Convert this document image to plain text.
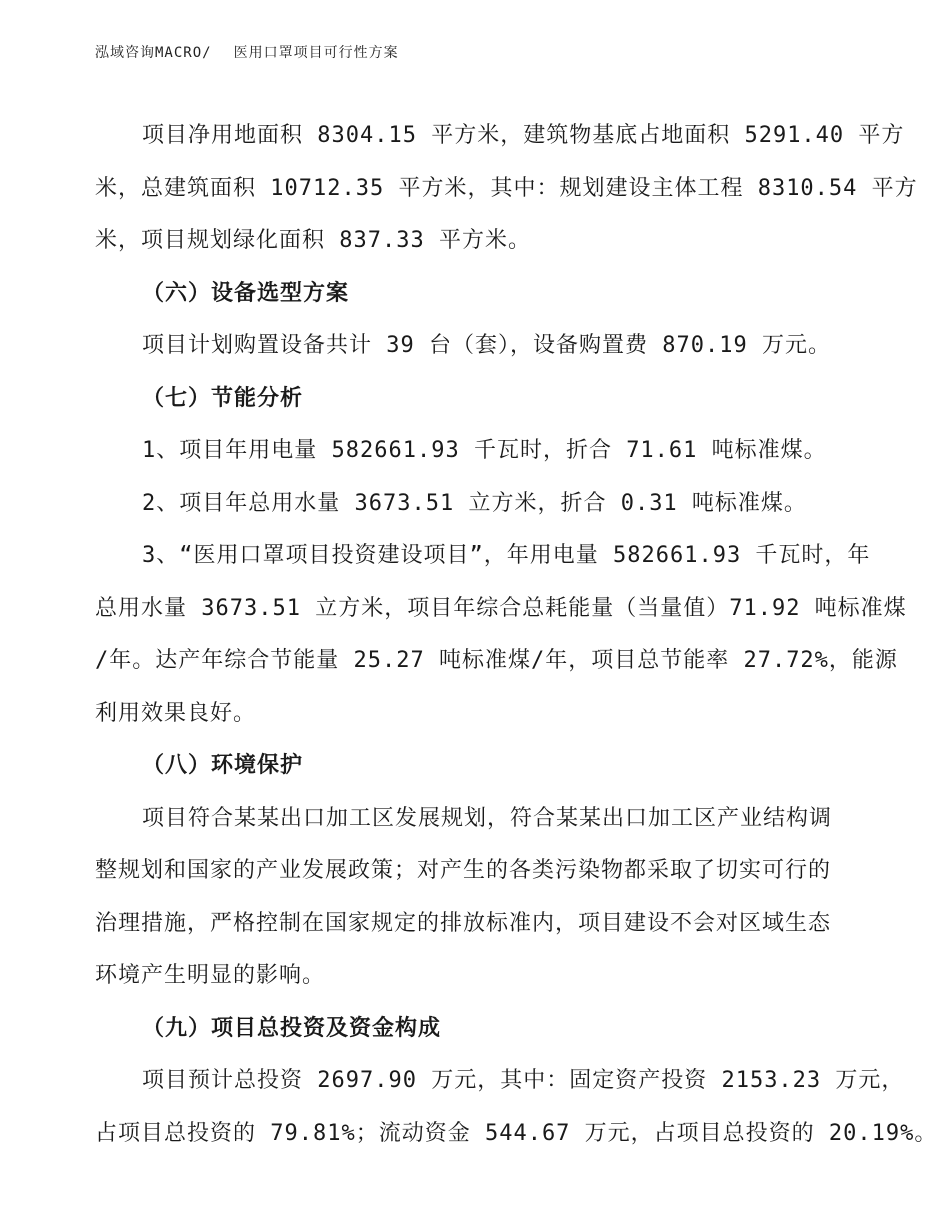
泓域咨询MACRO/ 医用口罩项目可行性方案

项目净用地面积 8304.15 平方米，建筑物基底占地面积 5291.40 平方

米，总建筑面积 10712.35 平方米，其中：规划建设主体工程 8310.54 平方

米，项目规划绿化面积 837.33 平方米。

（六）设备选型方案

项目计划购置设备共计 39 台（套），设备购置费 870.19 万元。

（七）节能分析

1、项目年用电量 582661.93 千瓦时，折合 71.61 吨标准煤。

2、项目年总用水量 3673.51 立方米，折合 0.31 吨标准煤。

3、“医用口罩项目投资建设项目”，年用电量 582661.93 千瓦时，年

总用水量 3673.51 立方米，项目年综合总耗能量（当量值）71.92 吨标准煤

/年。达产年综合节能量 25.27 吨标准煤/年，项目总节能率 27.72%，能源

利用效果良好。

（八）环境保护

项目符合某某出口加工区发展规划，符合某某出口加工区产业结构调

整规划和国家的产业发展政策；对产生的各类污染物都采取了切实可行的

治理措施，严格控制在国家规定的排放标准内，项目建设不会对区域生态

环境产生明显的影响。

（九）项目总投资及资金构成

项目预计总投资 2697.90 万元，其中：固定资产投资 2153.23 万元，

占项目总投资的 79.81%；流动资金 544.67 万元，占项目总投资的 20.19%。
